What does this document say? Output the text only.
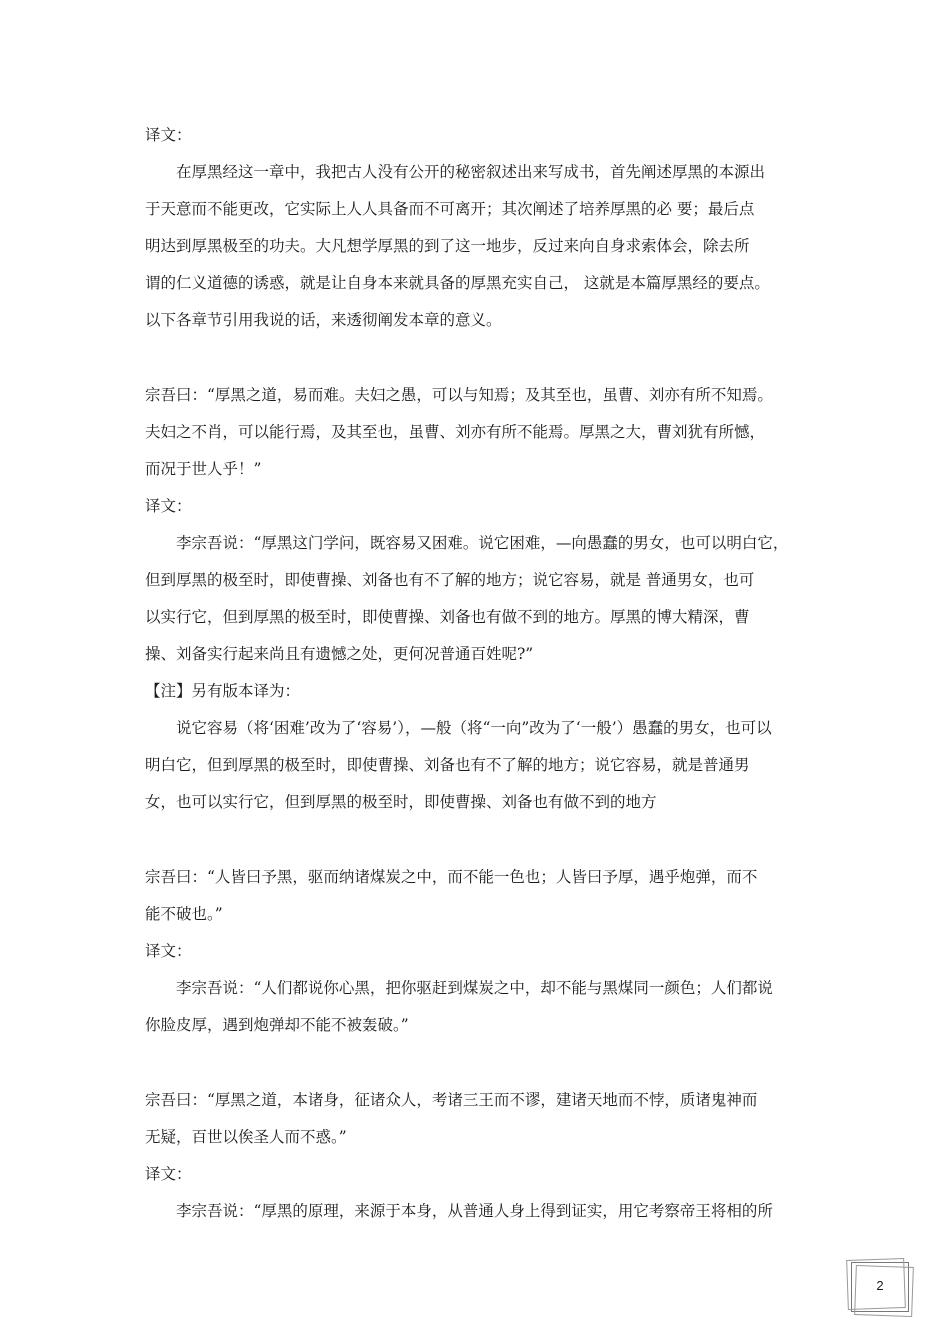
译文：
　　在厚黑经这一章中，我把古人没有公开的秘密叙述出来写成书，首先阐述厚黑的本源出
于天意而不能更改，它实际上人人具备而不可离开；其次阐述了培养厚黑的必 要；最后点
明达到厚黑极至的功夫。大凡想学厚黑的到了这一地步，反过来向自身求索体会，除去所
谓的仁义道德的诱惑，就是让自身本来就具备的厚黑充实自己， 这就是本篇厚黑经的要点。
以下各章节引用我说的话，来透彻阐发本章的意义。
宗吾曰：“厚黑之道，易而难。夫妇之愚，可以与知焉；及其至也，虽曹、刘亦有所不知焉。
夫妇之不肖，可以能行焉，及其至也，虽曹、刘亦有所不能焉。厚黑之大，曹刘犹有所憾，
而况于世人乎！”
译文：
　　李宗吾说：“厚黑这门学问，既容易又困难。说它困难，—向愚蠢的男女，也可以明白它，
但到厚黑的极至时，即使曹操、刘备也有不了解的地方；说它容易，就是 普通男女，也可
以实行它，但到厚黑的极至时，即使曹操、刘备也有做不到的地方。厚黑的博大精深，曹
操、刘备实行起来尚且有遗憾之处，更何况普通百姓呢?”
【注】另有版本译为：
　　说它容易（将‘困难’改为了‘容易’），—般（将“一向”改为了‘一般’）愚蠢的男女，也可以
明白它，但到厚黑的极至时，即使曹操、刘备也有不了解的地方；说它容易，就是普通男
女，也可以实行它，但到厚黑的极至时，即使曹操、刘备也有做不到的地方
宗吾曰：“人皆曰予黑，驱而纳诸煤炭之中，而不能一色也；人皆曰予厚，遇乎炮弹，而不
能不破也。”
译文：
　　李宗吾说：“人们都说你心黑，把你驱赶到煤炭之中，却不能与黑煤同一颜色；人们都说
你脸皮厚，遇到炮弹却不能不被轰破。”
宗吾曰：“厚黑之道，本诸身，征诸众人，考诸三王而不谬，建诸天地而不悖，质诸鬼神而
无疑，百世以俟圣人而不惑。”
译文：
　　李宗吾说：“厚黑的原理，来源于本身，从普通人身上得到证实，用它考察帝王将相的所
2
